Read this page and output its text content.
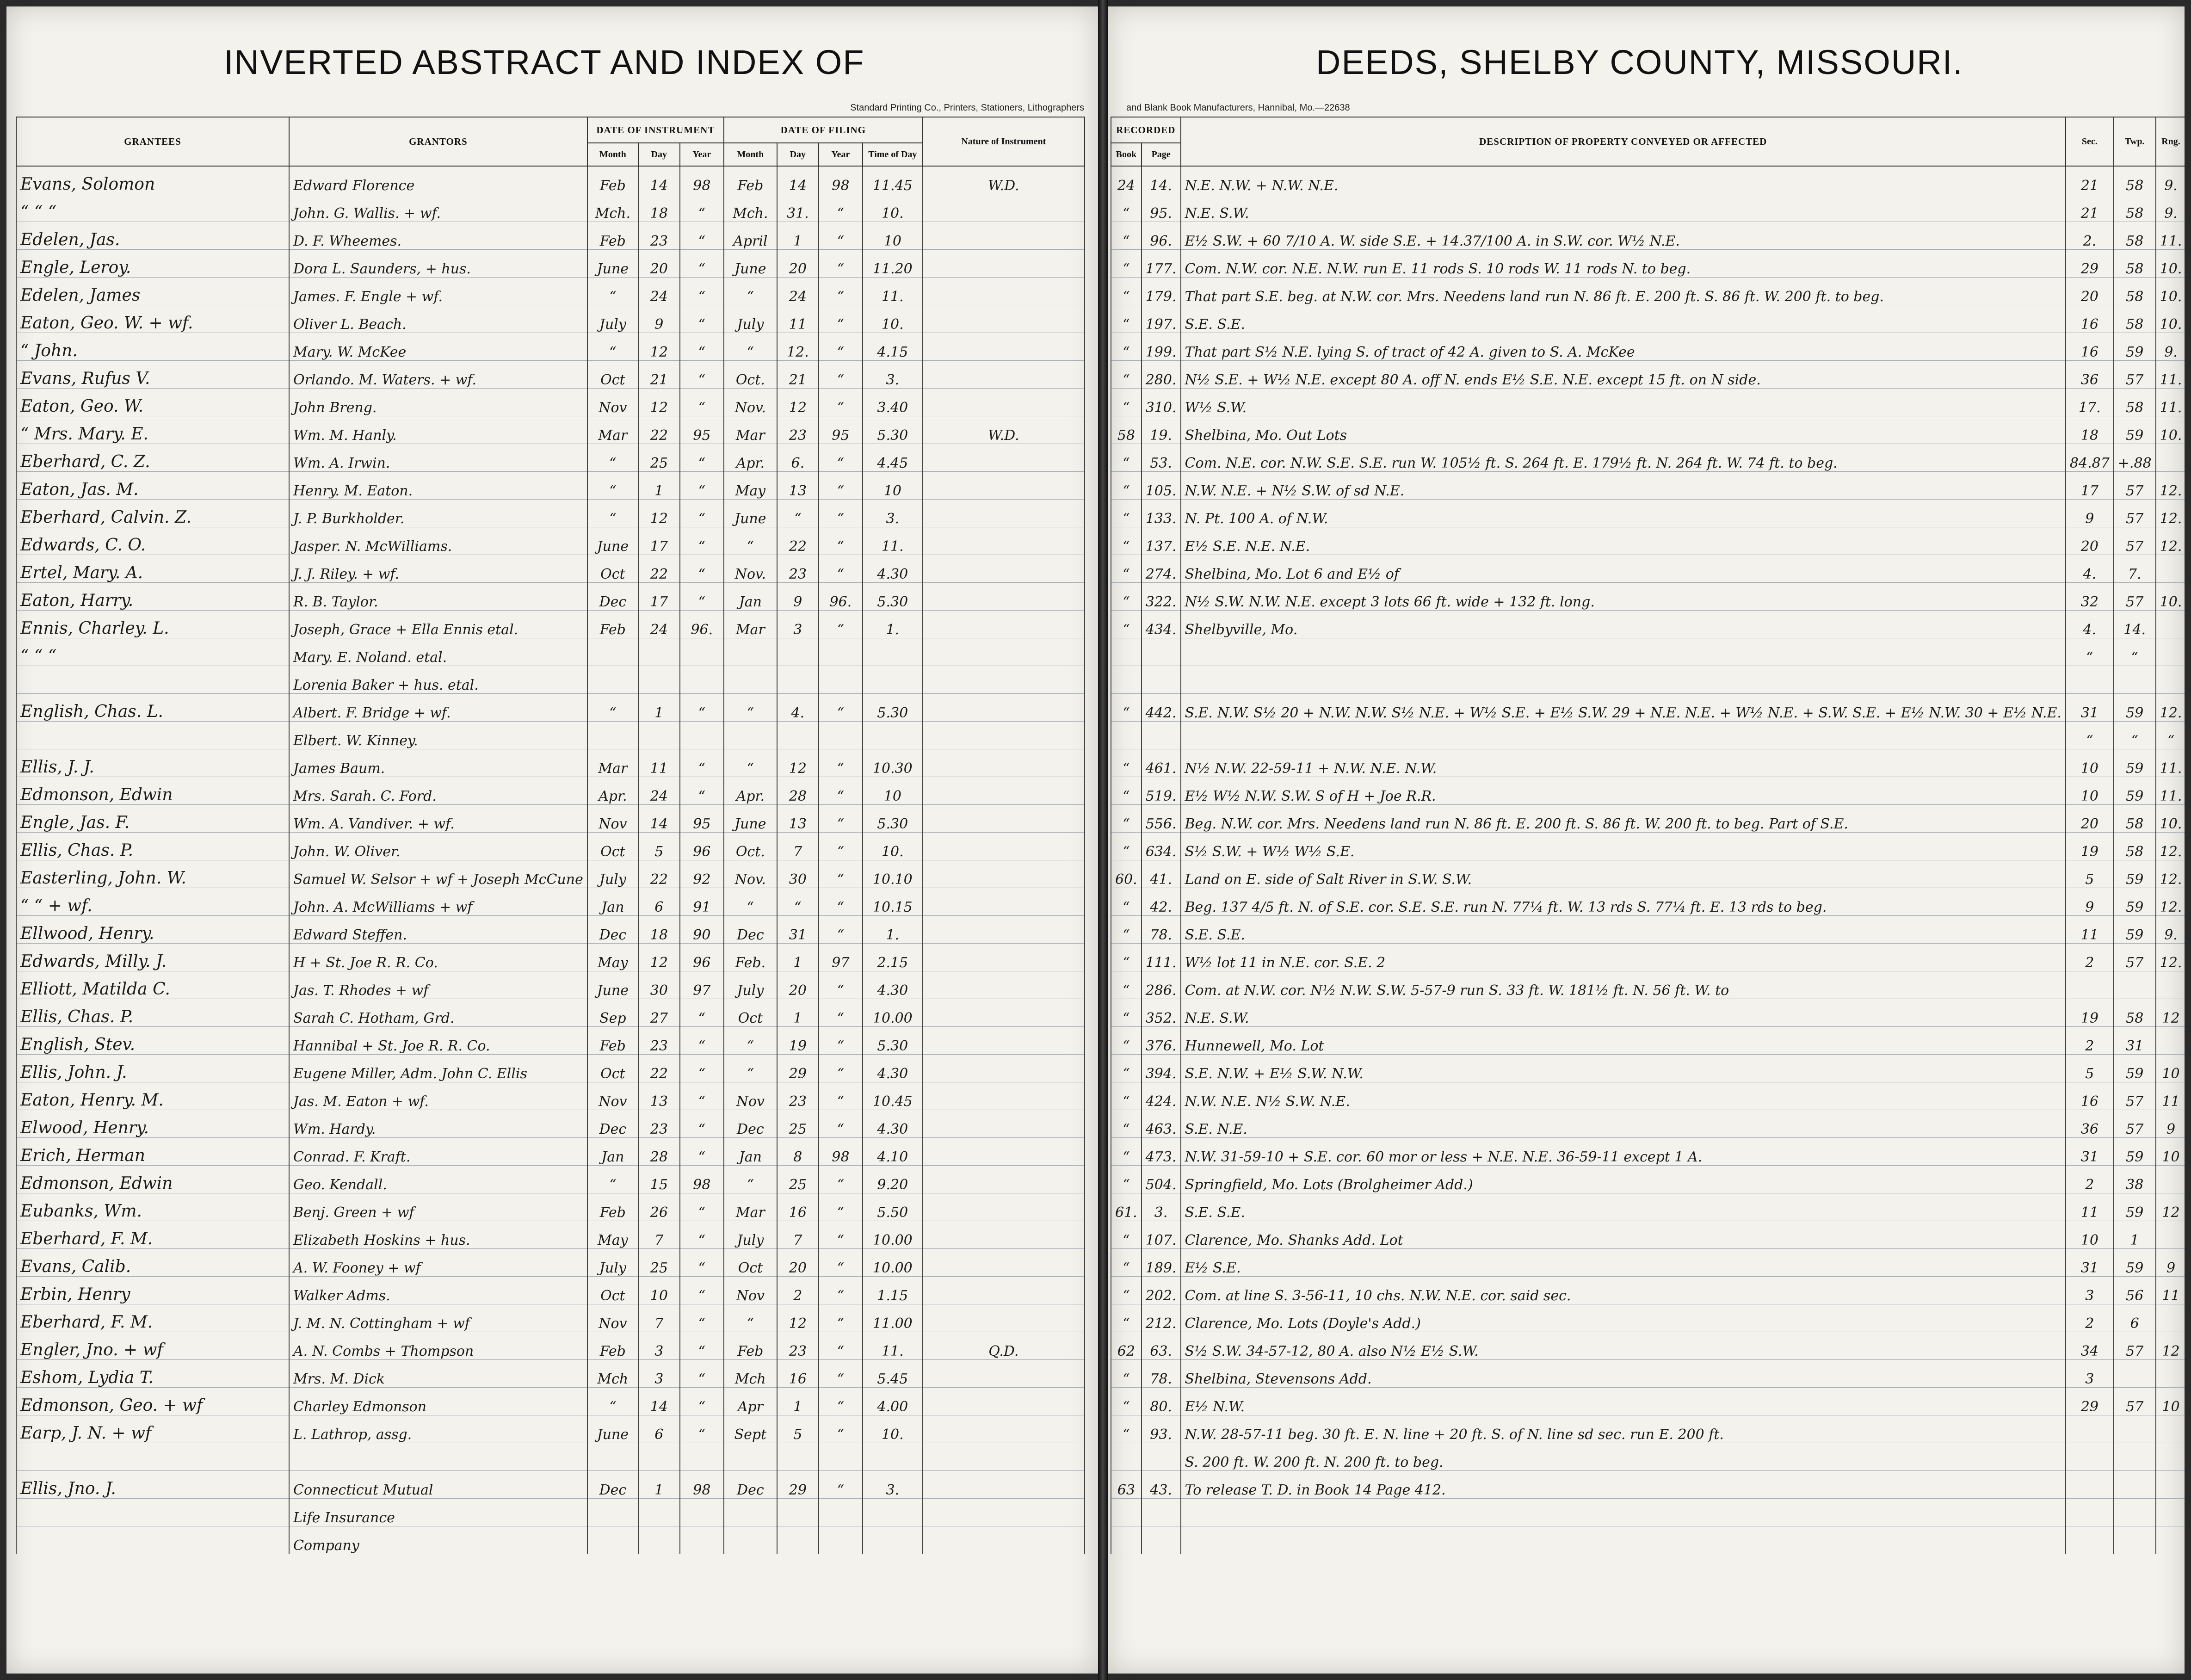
INVERTED ABSTRACT AND INDEX OF
Standard Printing Co., Printers, Stationers, Lithographers
GRANTEES	GRANTORS	DATE OF INSTRUMENT			DATE OF FILING				Nature of Instrument
		Month	Day	Year	Month	Day	Year	Time of Day	
Evans, Solomon	Edward Florence	Feb	14	98	Feb	14	98	11.45	W.D.
“ “ “	John. G. Wallis. + wf.	Mch.	18	“	Mch.	31.	“	10.	
Edelen, Jas.	D. F. Wheemes.	Feb	23	“	April	1	“	10	
Engle, Leroy.	Dora L. Saunders, + hus.	June	20	“	June	20	“	11.20	
Edelen, James	James. F. Engle + wf.	“	24	“	“	24	“	11.	
Eaton, Geo. W. + wf.	Oliver L. Beach.	July	9	“	July	11	“	10.	
“ John.	Mary. W. McKee	“	12	“	“	12.	“	4.15	
Evans, Rufus V.	Orlando. M. Waters. + wf.	Oct	21	“	Oct.	21	“	3.	
Eaton, Geo. W.	John Breng.	Nov	12	“	Nov.	12	“	3.40	
“ Mrs. Mary. E.	Wm. M. Hanly.	Mar	22	95	Mar	23	95	5.30	W.D.
Eberhard, C. Z.	Wm. A. Irwin.	“	25	“	Apr.	6.	“	4.45	
Eaton, Jas. M.	Henry. M. Eaton.	“	1	“	May	13	“	10	
Eberhard, Calvin. Z.	J. P. Burkholder.	“	12	“	June	“	“	3.	
Edwards, C. O.	Jasper. N. McWilliams.	June	17	“	“	22	“	11.	
Ertel, Mary. A.	J. J. Riley. + wf.	Oct	22	“	Nov.	23	“	4.30	
Eaton, Harry.	R. B. Taylor.	Dec	17	“	Jan	9	96.	5.30	
Ennis, Charley. L.	Joseph, Grace + Ella Ennis etal.	Feb	24	96.	Mar	3	“	1.	
“ “ “	Mary. E. Noland. etal.								
	Lorenia Baker + hus. etal.								
English, Chas. L.	Albert. F. Bridge + wf.	“	1	“	“	4.	“	5.30	
	Elbert. W. Kinney.								
Ellis, J. J.	James Baum.	Mar	11	“	“	12	“	10.30	
Edmonson, Edwin	Mrs. Sarah. C. Ford.	Apr.	24	“	Apr.	28	“	10	
Engle, Jas. F.	Wm. A. Vandiver. + wf.	Nov	14	95	June	13	“	5.30	
Ellis, Chas. P.	John. W. Oliver.	Oct	5	96	Oct.	7	“	10.	
Easterling, John. W.	Samuel W. Selsor + wf + Joseph McCune	July	22	92	Nov.	30	“	10.10	
“ “ + wf.	John. A. McWilliams + wf	Jan	6	91	“	“	“	10.15	
Ellwood, Henry.	Edward Steffen.	Dec	18	90	Dec	31	“	1.	
Edwards, Milly. J.	H + St. Joe R. R. Co.	May	12	96	Feb.	1	97	2.15	
Elliott, Matilda C.	Jas. T. Rhodes + wf	June	30	97	July	20	“	4.30	
Ellis, Chas. P.	Sarah C. Hotham, Grd.	Sep	27	“	Oct	1	“	10.00	
English, Stev.	Hannibal + St. Joe R. R. Co.	Feb	23	“	“	19	“	5.30	
Ellis, John. J.	Eugene Miller, Adm. John C. Ellis	Oct	22	“	“	29	“	4.30	
Eaton, Henry. M.	Jas. M. Eaton + wf.	Nov	13	“	Nov	23	“	10.45	
Elwood, Henry.	Wm. Hardy.	Dec	23	“	Dec	25	“	4.30	
Erich, Herman	Conrad. F. Kraft.	Jan	28	“	Jan	8	98	4.10	
Edmonson, Edwin	Geo. Kendall.	“	15	98	“	25	“	9.20	
Eubanks, Wm.	Benj. Green + wf	Feb	26	“	Mar	16	“	5.50	
Eberhard, F. M.	Elizabeth Hoskins + hus.	May	7	“	July	7	“	10.00	
Evans, Calib.	A. W. Fooney + wf	July	25	“	Oct	20	“	10.00	
Erbin, Henry	Walker Adms.	Oct	10	“	Nov	2	“	1.15	
Eberhard, F. M.	J. M. N. Cottingham + wf	Nov	7	“	“	12	“	11.00	
Engler, Jno. + wf	A. N. Combs + Thompson	Feb	3	“	Feb	23	“	11.	Q.D.
Eshom, Lydia T.	Mrs. M. Dick	Mch	3	“	Mch	16	“	5.45	
Edmonson, Geo. + wf	Charley Edmonson	“	14	“	Apr	1	“	4.00	
Earp, J. N. + wf	L. Lathrop, assg.	June	6	“	Sept	5	“	10.	

Ellis, Jno. J.	Connecticut Mutual	Dec	1	98	Dec	29	“	3.	
	Life Insurance								
	Company								
DEEDS, SHELBY COUNTY, MISSOURI.
and Blank Book Manufacturers, Hannibal, Mo.—22638
RECORDED		DESCRIPTION OF PROPERTY CONVEYED OR AFFECTED	Sec.	Twp.	Rng.	
Book	Page					
24	14.	N.E. N.W. + N.W. N.E.	21	58	9.	
“	95.	N.E. S.W.	21	58	9.	
“	96.	E½ S.W. + 60 7/10 A. W. side S.E. + 14.37/100 A. in S.W. cor. W½ N.E.	2.	58	11.	
“	177.	Com. N.W. cor. N.E. N.W. run E. 11 rods S. 10 rods W. 11 rods N. to beg.	29	58	10.	
“	179.	That part S.E. beg. at N.W. cor. Mrs. Needens land run N. 86 ft. E. 200 ft. S. 86 ft. W. 200 ft. to beg.	20	58	10.	
“	197.	S.E. S.E.	16	58	10.	
“	199.	That part S½ N.E. lying S. of tract of 42 A. given to S. A. McKee	16	59	9.	
“	280.	N½ S.E. + W½ N.E. except 80 A. off N. ends E½ S.E. N.E. except 15 ft. on N side.	36	57	11.	
“	310.	W½ S.W.	17.	58	11.	
58	19.	Shelbina, Mo. Out Lots	18	59	10.	
“	53.	Com. N.E. cor. N.W. S.E. S.E. run W. 105½ ft. S. 264 ft. E. 179½ ft. N. 264 ft. W. 74 ft. to beg.	84.87	+.88		
“	105.	N.W. N.E. + N½ S.W. of sd N.E.	17	57	12.	
“	133.	N. Pt. 100 A. of N.W.	9	57	12.	
“	137.	E½ S.E. N.E. N.E.	20	57	12.	
“	274.	Shelbina, Mo. Lot 6 and E½ of	4.	7.		
“	322.	N½ S.W. N.W. N.E. except 3 lots 66 ft. wide + 132 ft. long.	32	57	10.	
“	434.	Shelbyville, Mo.	4.	14.		
			“	“		

“	442.	S.E. N.W. S½ 20 + N.W. N.W. S½ N.E. + W½ S.E. + E½ S.W. 29 + N.E. N.E. + W½ N.E. + S.W. S.E. + E½ N.W. 30 + E½ N.E.	31	59	12.	
			“	“	“	
“	461.	N½ N.W. 22-59-11 + N.W. N.E. N.W.	10	59	11.	
“	519.	E½ W½ N.W. S.W. S of H + Joe R.R.	10	59	11.	
“	556.	Beg. N.W. cor. Mrs. Needens land run N. 86 ft. E. 200 ft. S. 86 ft. W. 200 ft. to beg. Part of S.E.	20	58	10.	
“	634.	S½ S.W. + W½ W½ S.E.	19	58	12.	
60.	41.	Land on E. side of Salt River in S.W. S.W.	5	59	12.	
“	42.	Beg. 137 4/5 ft. N. of S.E. cor. S.E. S.E. run N. 77¼ ft. W. 13 rds S. 77¼ ft. E. 13 rds to beg.	9	59	12.	
“	78.	S.E. S.E.	11	59	9.	
“	111.	W½ lot 11 in N.E. cor. S.E. 2	2	57	12.	
“	286.	Com. at N.W. cor. N½ N.W. S.W. 5-57-9 run S. 33 ft. W. 181½ ft. N. 56 ft. W. to				
“	352.	N.E. S.W.	19	58	12	
“	376.	Hunnewell, Mo. Lot	2	31		
“	394.	S.E. N.W. + E½ S.W. N.W.	5	59	10	
“	424.	N.W. N.E. N½ S.W. N.E.	16	57	11	
“	463.	S.E. N.E.	36	57	9	
“	473.	N.W. 31-59-10 + S.E. cor. 60 mor or less + N.E. N.E. 36-59-11 except 1 A.	31	59	10	
“	504.	Springfield, Mo. Lots (Brolgheimer Add.)	2	38		
61.	3.	S.E. S.E.	11	59	12	
“	107.	Clarence, Mo. Shanks Add. Lot	10	1		
“	189.	E½ S.E.	31	59	9	
“	202.	Com. at line S. 3-56-11, 10 chs. N.W. N.E. cor. said sec.	3	56	11	
“	212.	Clarence, Mo. Lots (Doyle's Add.)	2	6		
62	63.	S½ S.W. 34-57-12, 80 A. also N½ E½ S.W.	34	57	12	
“	78.	Shelbina, Stevensons Add.	3			
“	80.	E½ N.W.	29	57	10	
“	93.	N.W. 28-57-11 beg. 30 ft. E. N. line + 20 ft. S. of N. line sd sec. run E. 200 ft.				
		S. 200 ft. W. 200 ft. N. 200 ft. to beg.				
63	43.	To release T. D. in Book 14 Page 412.				
